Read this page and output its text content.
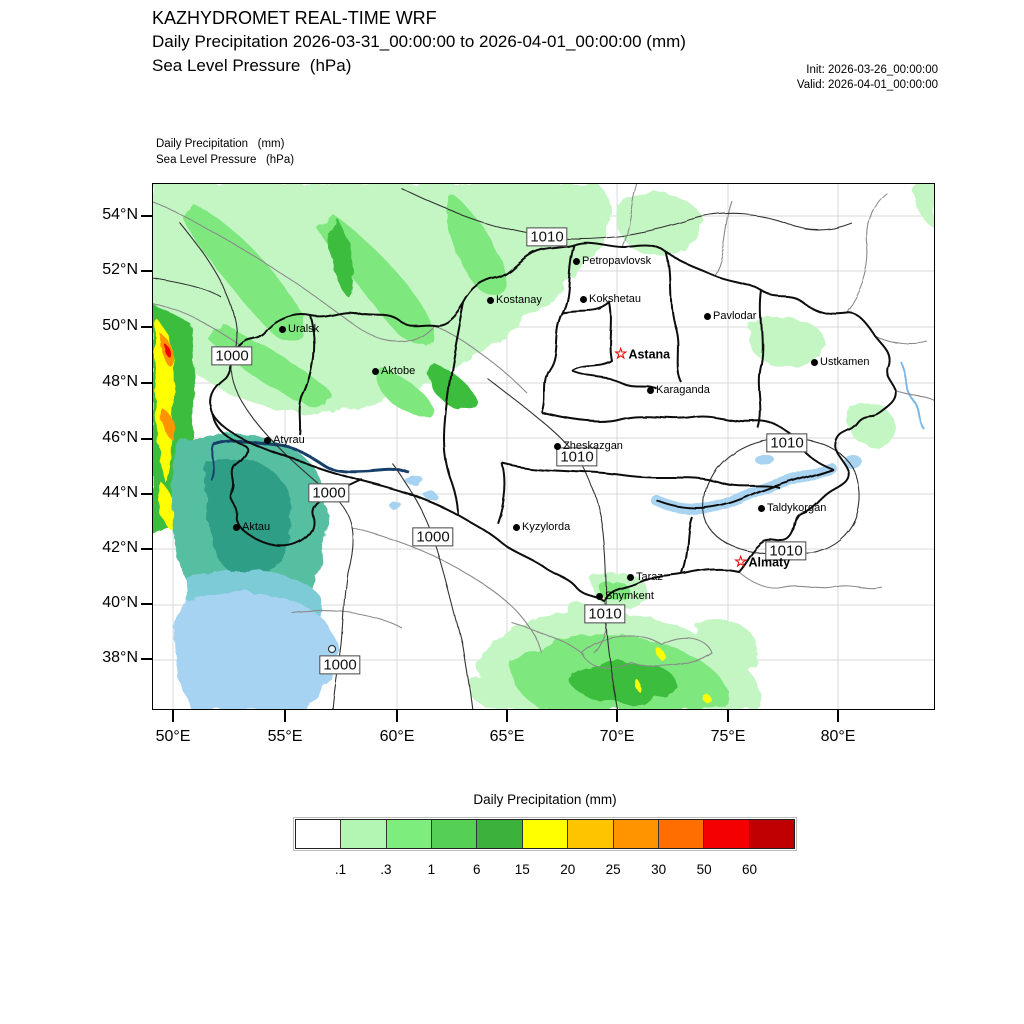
KAZHYDROMET REAL-TIME WRF
Daily Precipitation 2026-03-31_00:00:00 to 2026-04-01_00:00:00 (mm)
Sea Level Pressure  (hPa)	Init: 2026-03-26_00:00:00
Valid: 2026-04-01_00:00:00
Daily Precipitation   (mm)
Sea Level Pressure   (hPa)
54°N
52°N
50°N
48°N
46°N
44°N
42°N
40°N
38°N
50°E	55°E	60°E	65°E	70°E	75°E	80°E
1000
1010
1010
1010
1000
1000
1010
1010
1000
Petropavlovsk
Kostanay	Kokshetau
Uralsk
Pavlodar
☆ Astana
Ustkamen
Aktobe
Karaganda
Atyrau	Zheskazgan
Taldykorgan
Aktau	Kyzylorda
☆ Almaty
Taraz
Shymkent
Daily Precipitation (mm)
.1	.3	1	6	15 20 25 30 50 60
